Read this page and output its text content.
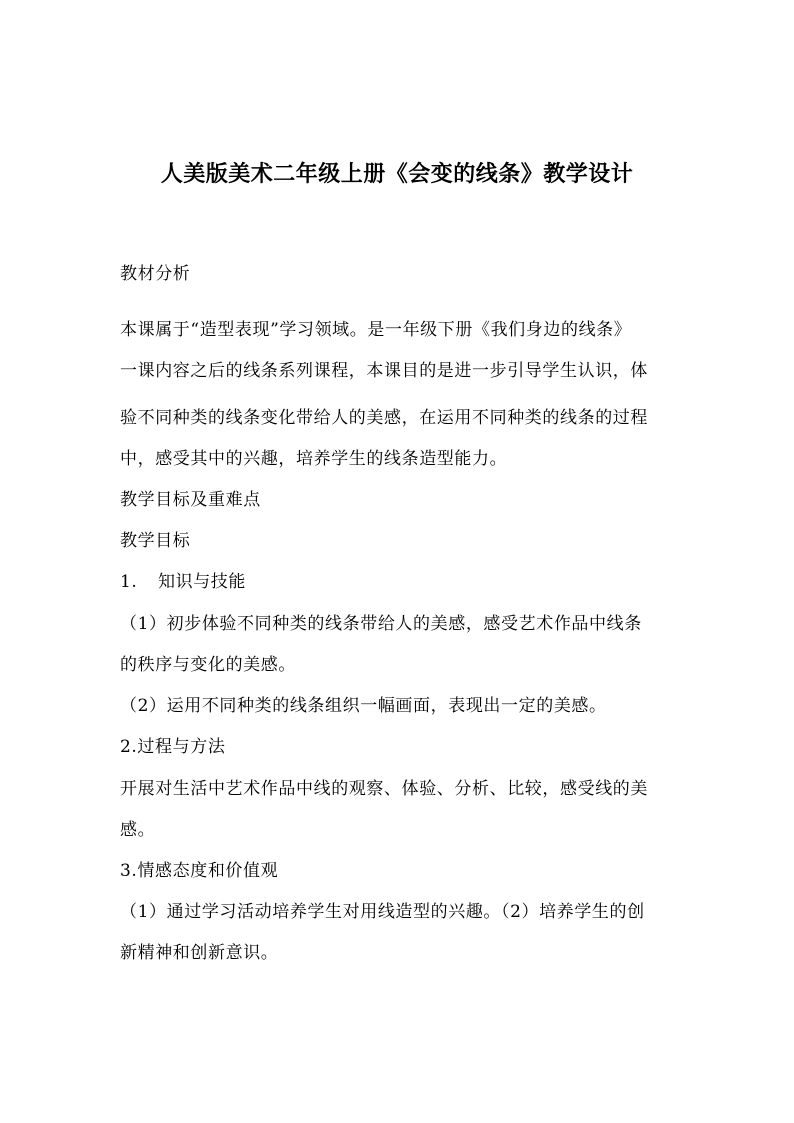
人美版美术二年级上册《会变的线条》教学设计
教材分析
本课属于“造型表现”学习领域。是一年级下册《我们身边的线条》
一课内容之后的线条系列课程，本课目的是进一步引导学生认识，体
验不同种类的线条变化带给人的美感，在运用不同种类的线条的过程
中，感受其中的兴趣，培养学生的线条造型能力。
教学目标及重难点
教学目标
1.	知识与技能
（1）初步体验不同种类的线条带给人的美感，感受艺术作品中线条
的秩序与变化的美感。
（2）运用不同种类的线条组织一幅画面，表现出一定的美感。
2.过程与方法
开展对生活中艺术作品中线的观察、体验、分析、比较，感受线的美
感。
3.情感态度和价值观
（1）通过学习活动培养学生对用线造型的兴趣。（2）培养学生的创
新精神和创新意识。
